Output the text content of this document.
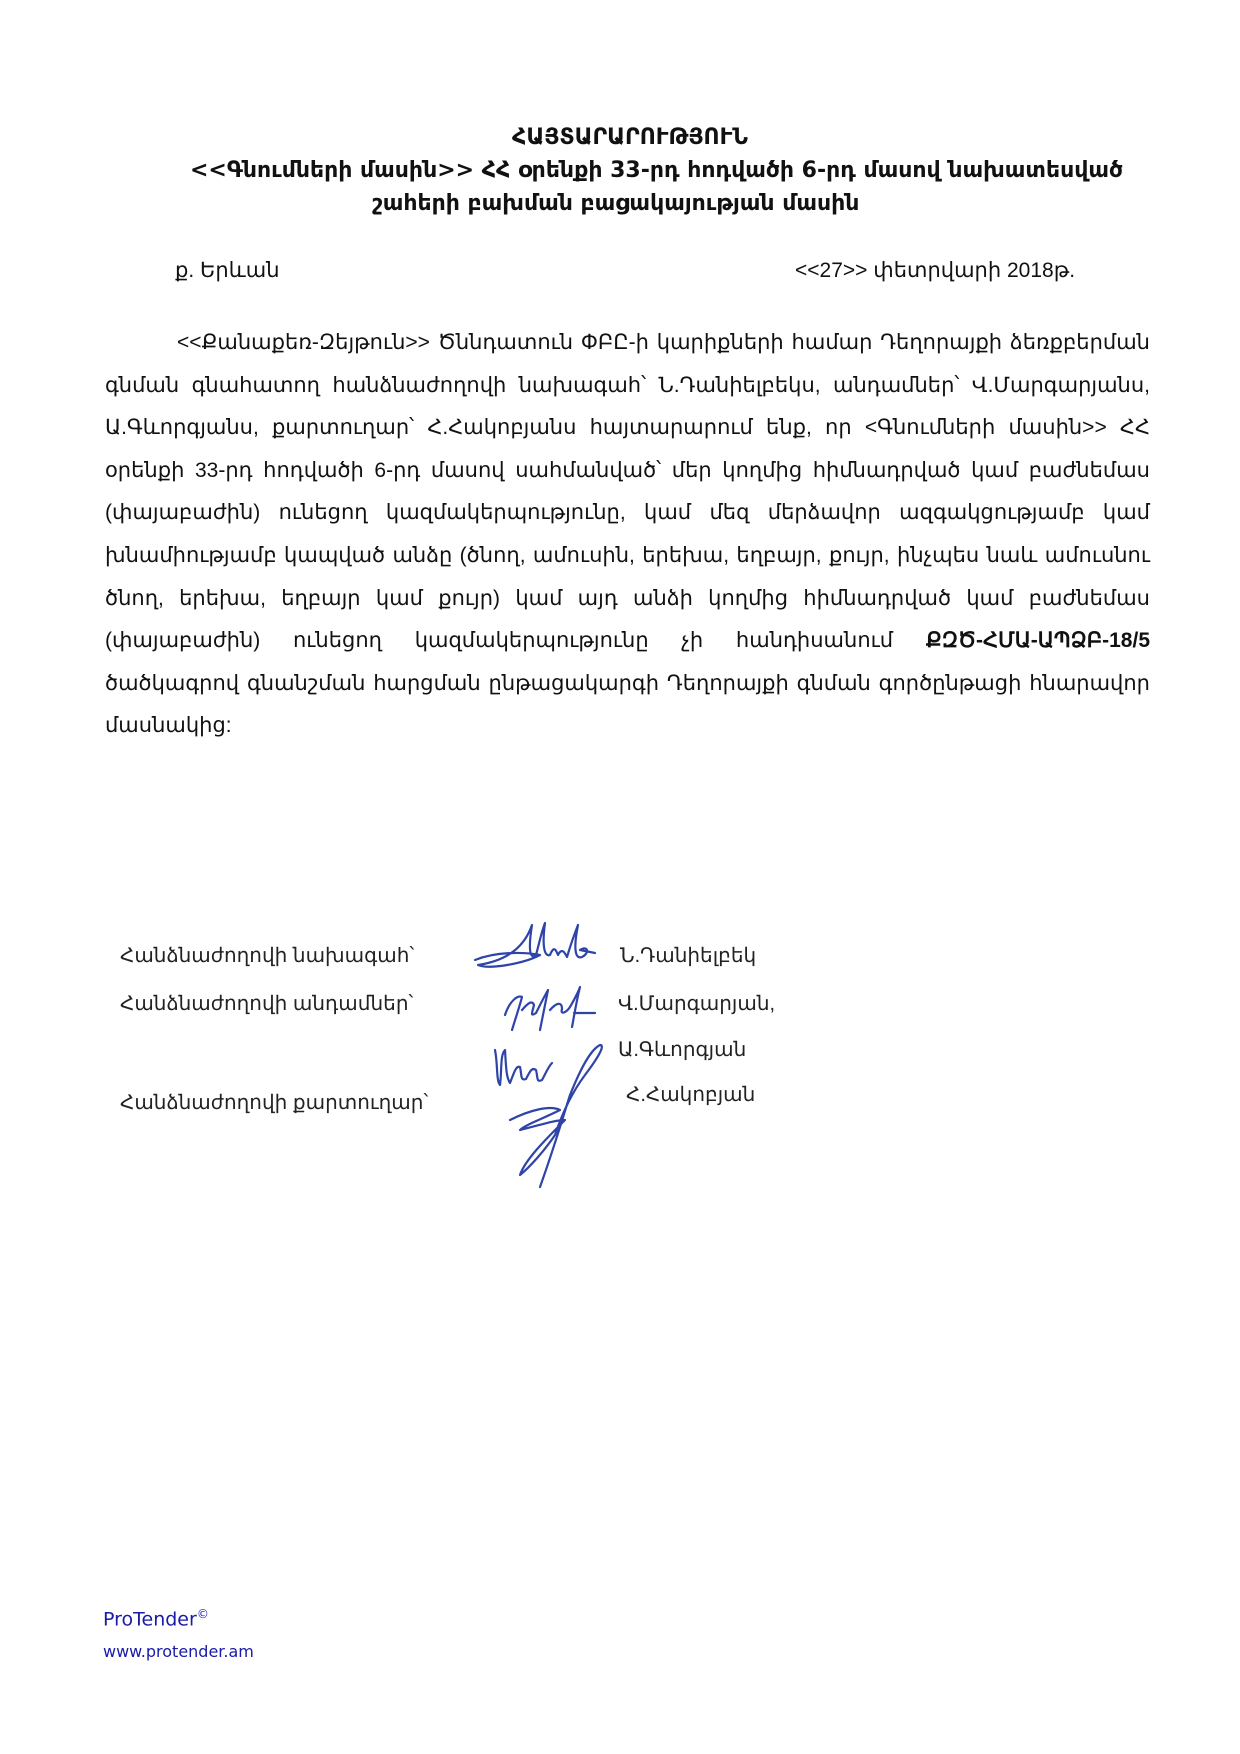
ՀԱՅՏԱՐԱՐՈՒԹՅՈՒՆ
<<Գնումների մասին>> ՀՀ օրենքի 33-րդ հոդվածի 6-րդ մասով նախատեսված
շահերի բախման բացակայության մասին
ք. Երևան	<<27>> փետրվարի 2018թ.
<<Քանաքեռ-Զեյթուն>> Ծննդատուն ՓԲԸ-ի կարիքների համար Դեղորայքի ձեռքբերման գնման գնահատող հանձնաժողովի նախագահ՝ Ն.Դանիելբեկս, անդամներ՝ Վ.Մարգարյանս, Ա.Գևորգյանս, քարտուղար՝ Հ.Հակոբյանս հայտարարում ենք, որ <Գնումների մասին>> ՀՀ օրենքի 33-րդ հոդվածի 6-րդ մասով սահմանված՝ մեր կողմից հիմնադրված կամ բաժնեմաս (փայաբաժին) ունեցող կազմակերպությունը, կամ մեզ մերձավոր ազգակցությամբ կամ խնամիությամբ կապված անձը (ծնող, ամուսին, երեխա, եղբայր, քույր, ինչպես նաև ամուսնու ծնող, երեխա, եղբայր կամ քույր) կամ այդ անձի կողմից հիմնադրված կամ բաժնեմաս (փայաբաժին) ունեցող կազմակերպությունը չի հանդիսանում ՔԶԾ-ՀՄԱ-ԱՊՁԲ-18/5 ծածկագրով գնանշման հարցման ընթացակարգի Դեղորայքի գնման գործընթացի հնարավոր մասնակից:
Հանձնաժողովի նախագահ՝
Հանձնաժողովի անդամներ՝
Հանձնաժողովի քարտուղար՝
Ն.Դանիելբեկ
Վ.Մարգարյան,
Ա.Գևորգյան
Հ.Հակոբյան
ProTender©
www.protender.am
